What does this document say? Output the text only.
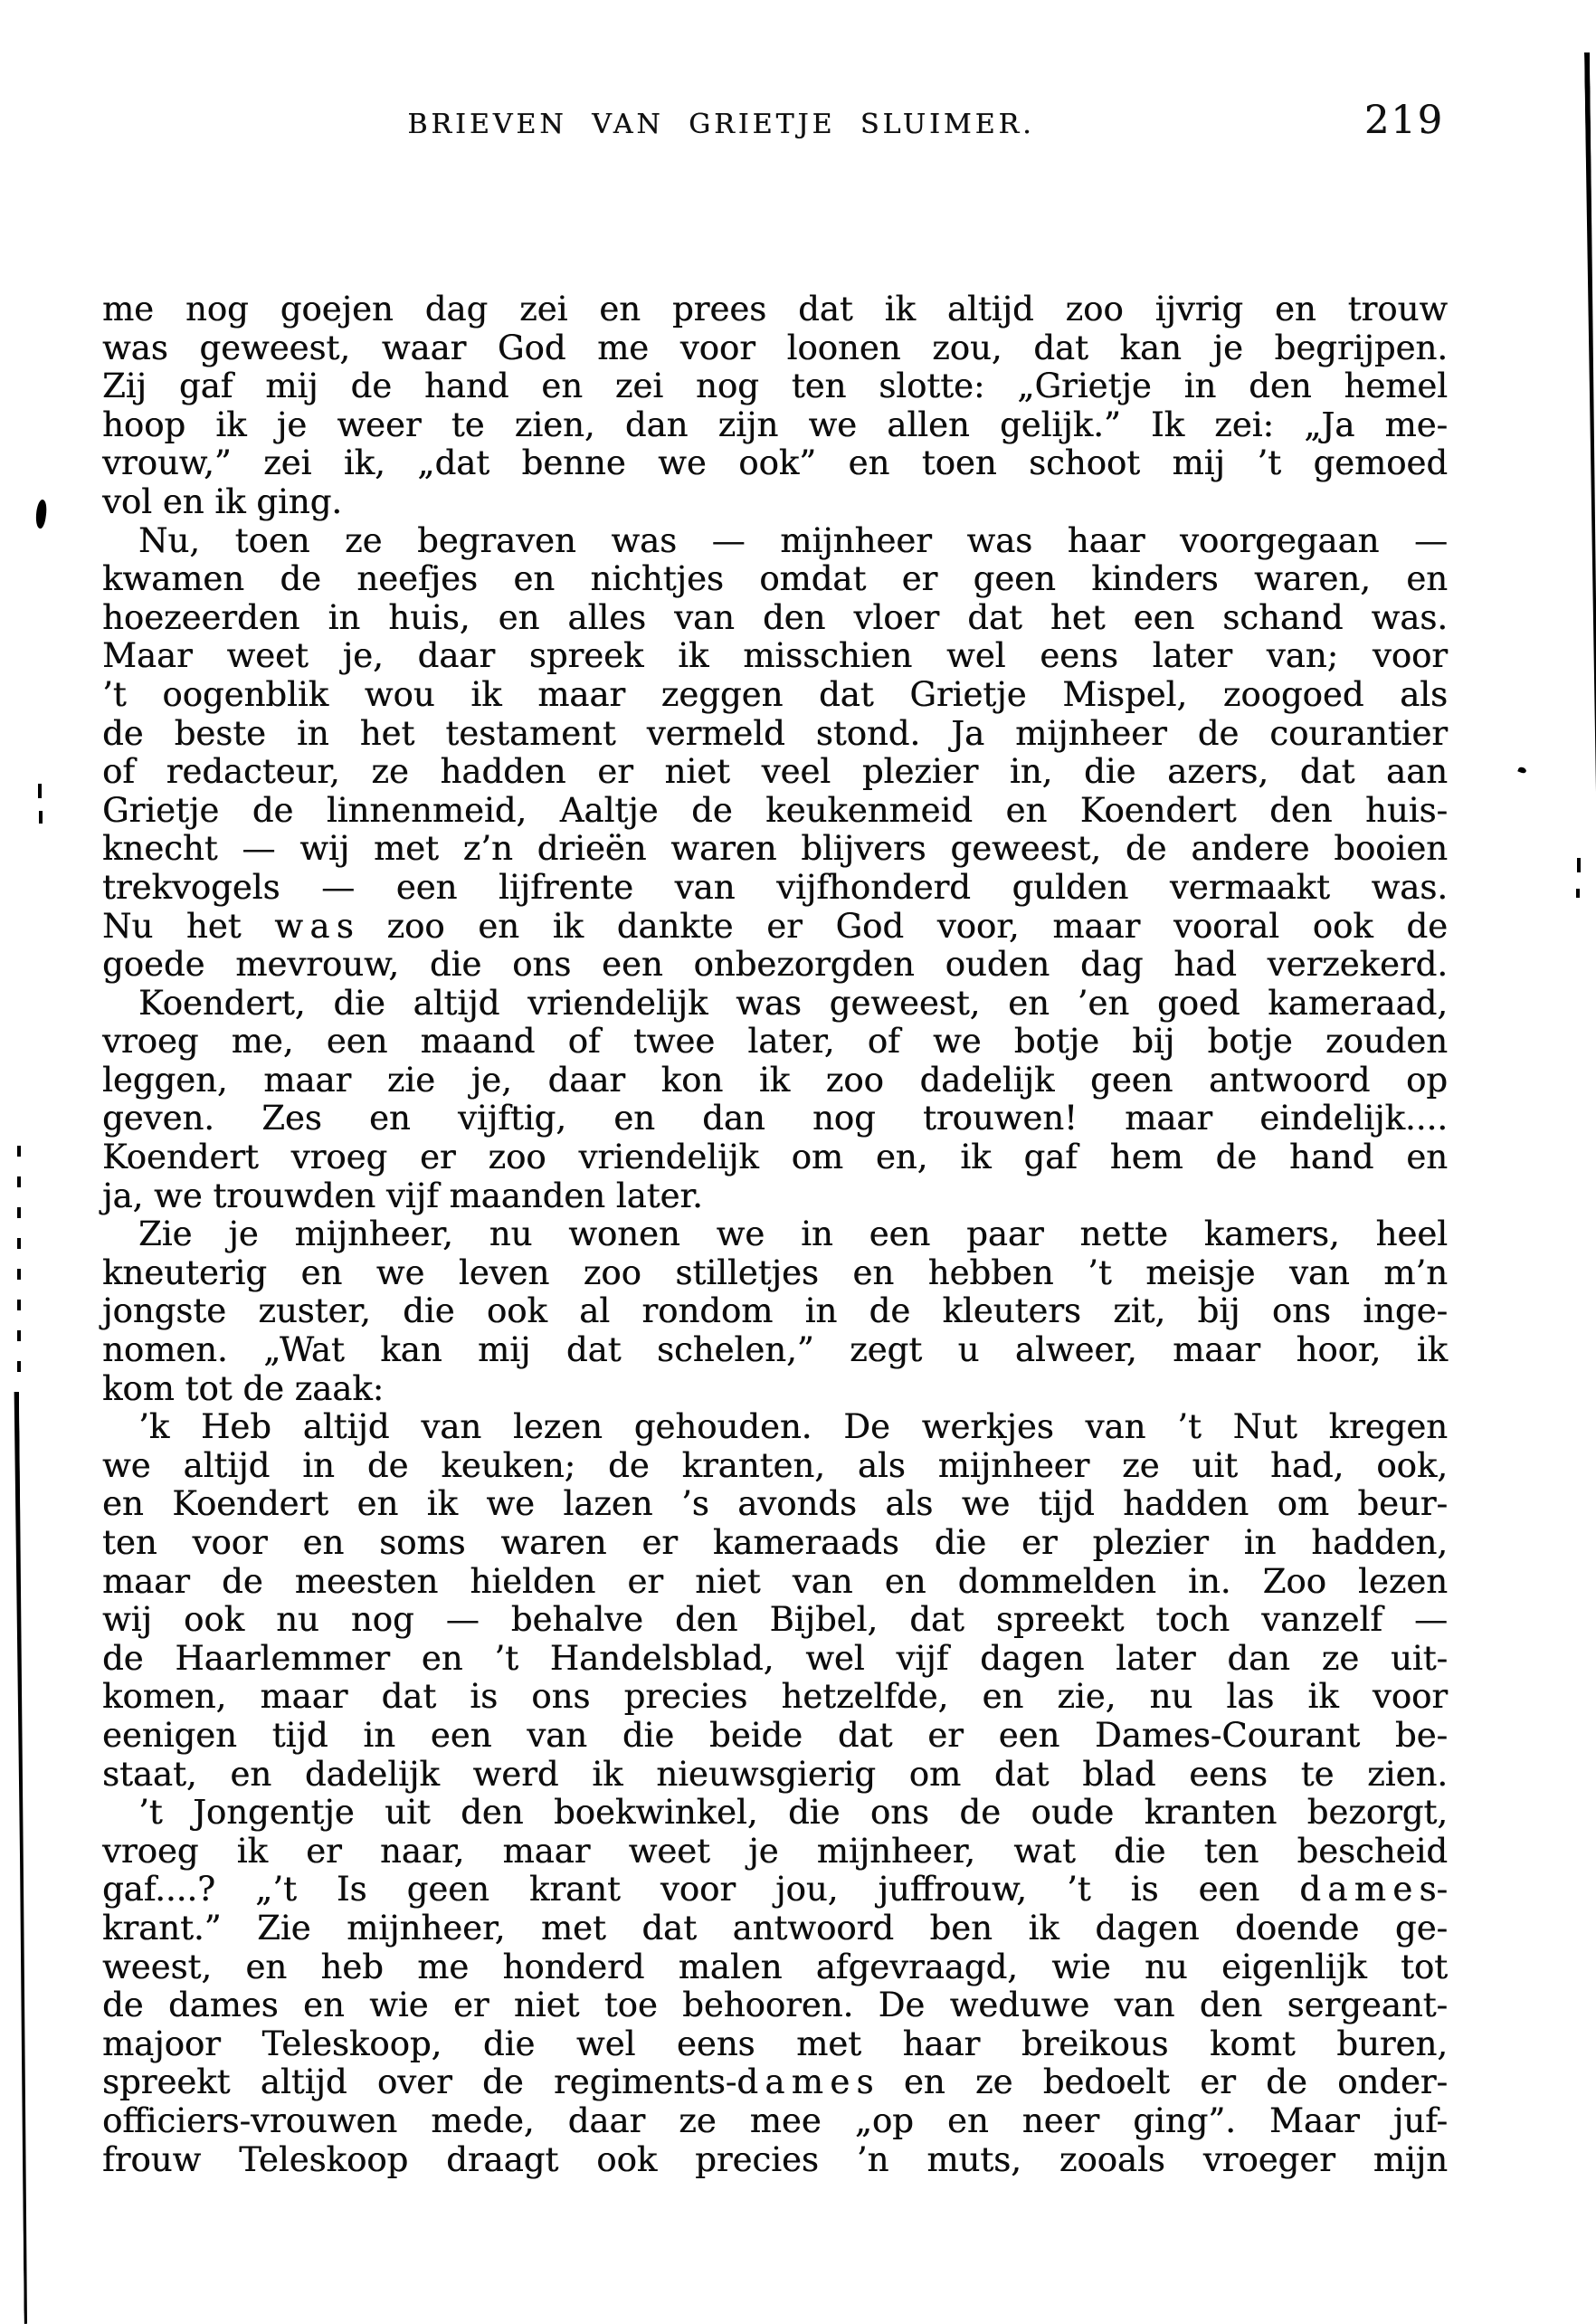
BRIEVEN VAN GRIETJE SLUIMER.	219
me nog goejen dag zei en prees dat ik altijd zoo ijvrig en trouw
was geweest, waar God me voor loonen zou, dat kan je begrijpen.
Zij gaf mij de hand en zei nog ten slotte: „Grietje in den hemel
hoop ik je weer te zien, dan zijn we allen gelijk.” Ik zei: „Ja me-
vrouw,” zei ik, „dat benne we ook” en toen schoot mij ’t gemoed
vol en ik ging.
Nu, toen ze begraven was — mijnheer was haar voorgegaan —
kwamen de neefjes en nichtjes omdat er geen kinders waren, en
hoezeerden in huis, en alles van den vloer dat het een schand was.
Maar weet je, daar spreek ik misschien wel eens later van; voor
’t oogenblik wou ik maar zeggen dat Grietje Mispel, zoogoed als
de beste in het testament vermeld stond. Ja mijnheer de courantier
of redacteur, ze hadden er niet veel plezier in, die azers, dat aan
Grietje de linnenmeid, Aaltje de keukenmeid en Koendert den huis-
knecht — wij met z’n drieën waren blijvers geweest, de andere booien
trekvogels — een lijfrente van vijfhonderd gulden vermaakt was.
Nu het w a s zoo en ik dankte er God voor, maar vooral ook de
goede mevrouw, die ons een onbezorgden ouden dag had verzekerd.
Koendert, die altijd vriendelijk was geweest, en ’en goed kameraad,
vroeg me, een maand of twee later, of we botje bij botje zouden
leggen, maar zie je, daar kon ik zoo dadelijk geen antwoord op
geven. Zes en vijftig, en dan nog trouwen! maar eindelijk....
Koendert vroeg er zoo vriendelijk om en, ik gaf hem de hand en
ja, we trouwden vijf maanden later.
Zie je mijnheer, nu wonen we in een paar nette kamers, heel
kneuterig en we leven zoo stilletjes en hebben ’t meisje van m’n
jongste zuster, die ook al rondom in de kleuters zit, bij ons inge-
nomen. „Wat kan mij dat schelen,” zegt u alweer, maar hoor, ik
kom tot de zaak:
’k Heb altijd van lezen gehouden. De werkjes van ’t Nut kregen
we altijd in de keuken; de kranten, als mijnheer ze uit had, ook,
en Koendert en ik we lazen ’s avonds als we tijd hadden om beur-
ten voor en soms waren er kameraads die er plezier in hadden,
maar de meesten hielden er niet van en dommelden in. Zoo lezen
wij ook nu nog — behalve den Bijbel, dat spreekt toch vanzelf —
de Haarlemmer en ’t Handelsblad, wel vijf dagen later dan ze uit-
komen, maar dat is ons precies hetzelfde, en zie, nu las ik voor
eenigen tijd in een van die beide dat er een Dames-Courant be-
staat, en dadelijk werd ik nieuwsgierig om dat blad eens te zien.
’t Jongentje uit den boekwinkel, die ons de oude kranten bezorgt,
vroeg ik er naar, maar weet je mijnheer, wat die ten bescheid
gaf....? „’t Is geen krant voor jou, juffrouw, ’t is een d a m e s-
krant.” Zie mijnheer, met dat antwoord ben ik dagen doende ge-
weest, en heb me honderd malen afgevraagd, wie nu eigenlijk tot
de dames en wie er niet toe behooren. De weduwe van den sergeant-
majoor Teleskoop, die wel eens met haar breikous komt buren,
spreekt altijd over de regiments-d a m e s en ze bedoelt er de onder-
officiers-vrouwen mede, daar ze mee „op en neer ging”. Maar juf-
frouw Teleskoop draagt ook precies ’n muts, zooals vroeger mijn
